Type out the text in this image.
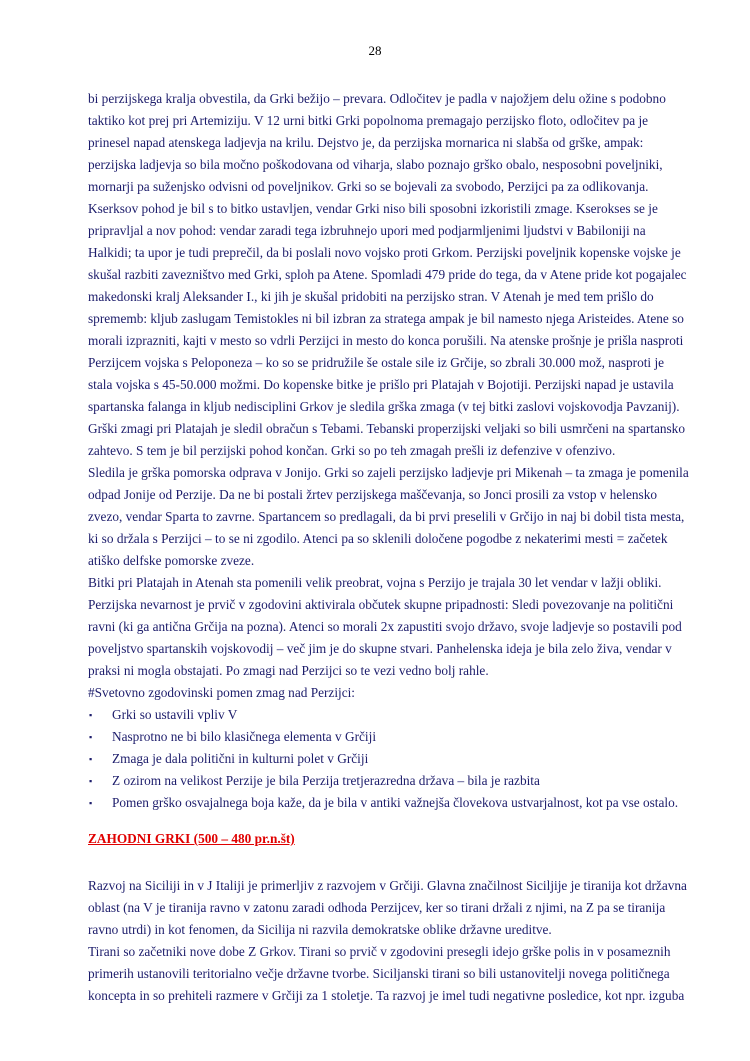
28
bi perzijskega kralja obvestila, da Grki bežijo – prevara. Odločitev je padla v najožjem delu ožine s podobno
taktiko kot prej pri Artemiziju. V 12 urni bitki Grki popolnoma premagajo perzijsko floto, odločitev pa je
prinesel napad atenskega ladjevja na krilu. Dejstvo je, da perzijska mornarica ni slabša od grške, ampak:
perzijska ladjevja so bila močno poškodovana od viharja, slabo poznajo grško obalo, nesposobni poveljniki,
mornarji pa suženjsko odvisni od poveljnikov. Grki so se bojevali za svobodo, Perzijci pa za odlikovanja.
Kserksov pohod je bil s to bitko ustavljen, vendar Grki niso bili sposobni izkoristili zmage. Kserokses se je
pripravljal a nov pohod: vendar zaradi tega izbruhnejo upori med podjarmljenimi ljudstvi v Babiloniji na
Halkidi; ta upor je tudi preprečil, da bi poslali novo vojsko proti Grkom. Perzijski poveljnik kopenske vojske je
skušal razbiti zavezništvo med Grki, sploh pa Atene. Spomladi 479 pride do tega, da v Atene pride kot pogajalec
makedonski kralj Aleksander I., ki jih je skušal pridobiti na perzijsko stran. V Atenah je med tem prišlo do
sprememb: kljub zaslugam Temistokles ni bil izbran za stratega ampak je bil namesto njega Aristeides. Atene so
morali izprazniti, kajti v mesto so vdrli Perzijci in mesto do konca porušili. Na atenske prošnje je prišla nasproti
Perzijcem vojska s Peloponeza – ko so se pridružile še ostale sile iz Grčije, so zbrali 30.000 mož, nasproti je
stala vojska s 45-50.000 možmi. Do kopenske bitke je prišlo pri Platajah v Bojotiji. Perzijski napad je ustavila
spartanska falanga in kljub nedisciplini Grkov je sledila grška zmaga (v tej bitki zaslovi vojskovodja Pavzanij).
Grški zmagi pri Platajah je sledil obračun s Tebami. Tebanski properzijski veljaki so bili usmrčeni na spartansko
zahtevo. S tem je bil perzijski pohod končan. Grki so po teh zmagah prešli iz defenzive v ofenzivo.
Sledila je grška pomorska odprava v Jonijo. Grki so zajeli perzijsko ladjevje pri Mikenah – ta zmaga je pomenila
odpad Jonije od Perzije. Da ne bi postali žrtev perzijskega maščevanja, so Jonci prosili za vstop v helensko
zvezo, vendar Sparta to zavrne. Spartancem so predlagali, da bi prvi preselili v Grčijo in naj bi dobil tista mesta,
ki so držala s Perzijci – to se ni zgodilo. Atenci pa so sklenili določene pogodbe z nekaterimi mesti = začetek
atiško delfske pomorske zveze.
Bitki pri Platajah in Atenah sta pomenili velik preobrat, vojna s Perzijo je trajala 30 let vendar v lažji obliki.
Perzijska nevarnost je prvič v zgodovini aktivirala občutek skupne pripadnosti: Sledi povezovanje na politični
ravni (ki ga antična Grčija na pozna). Atenci so morali 2x zapustiti svojo državo, svoje ladjevje so postavili pod
poveljstvo spartanskih vojskovodij – več jim je do skupne stvari. Panhelenska ideja je bila zelo živa, vendar v
praksi ni mogla obstajati. Po zmagi nad Perzijci so te vezi vedno bolj rahle.
#Svetovno zgodovinski pomen zmag nad Perzijci:
▪ Grki so ustavili vpliv V
▪ Nasprotno ne bi bilo klasičnega elementa v Grčiji
▪ Zmaga je dala politični in kulturni polet v Grčiji
▪ Z ozirom na velikost Perzije je bila Perzija tretjerazredna država – bila je razbita
▪ Pomen grško osvajalnega boja kaže, da je bila v antiki važnejša človekova ustvarjalnost, kot pa vse ostalo.
ZAHODNI GRKI (500 – 480 pr.n.št)
Razvoj na Siciliji in v J Italiji je primerljiv z razvojem v Grčiji. Glavna značilnost Siciljije je tiranija kot državna
oblast (na V je tiranija ravno v zatonu zaradi odhoda Perzijcev, ker so tirani držali z njimi, na Z pa se tiranija
ravno utrdi) in kot fenomen, da Sicilija ni razvila demokratske oblike državne ureditve.
Tirani so začetniki nove dobe Z Grkov. Tirani so prvič v zgodovini presegli idejo grške polis in v posameznih
primerih ustanovili teritorialno večje državne tvorbe. Siciljanski tirani so bili ustanovitelji novega političnega
koncepta in so prehiteli razmere v Grčiji za 1 stoletje. Ta razvoj je imel tudi negativne posledice, kot npr. izguba
